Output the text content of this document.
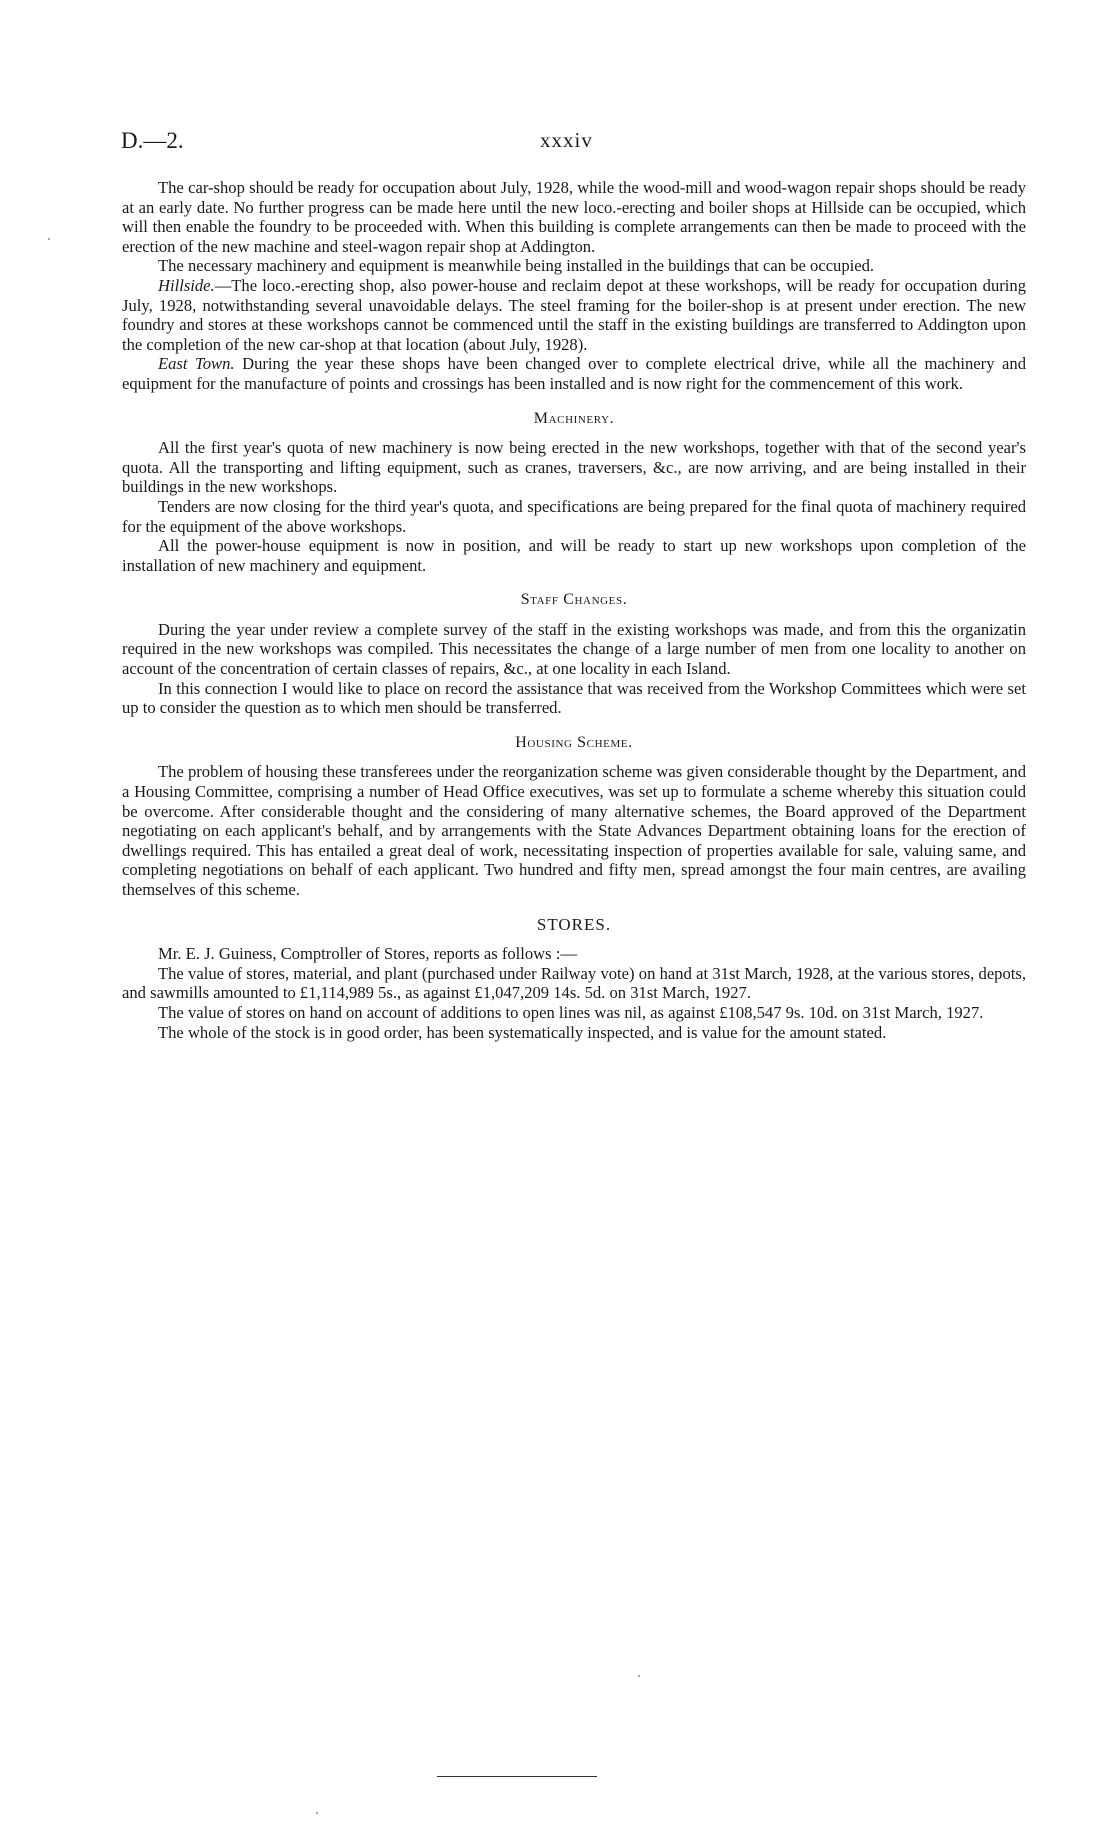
D.—2.	xxxiv

The car-shop should be ready for occupation about July, 1928, while the wood-mill and wood-wagon repair shops should be ready at an early date. No further progress can be made here until the new loco.-erecting and boiler shops at Hillside can be occupied, which will then enable the foundry to be proceeded with. When this building is complete arrangements can then be made to proceed with the erection of the new machine and steel-wagon repair shop at Addington.

The necessary machinery and equipment is meanwhile being installed in the buildings that can be occupied.

Hillside.—The loco.-erecting shop, also power-house and reclaim depot at these workshops, will be ready for occupation during July, 1928, notwithstanding several unavoidable delays. The steel framing for the boiler-shop is at present under erection. The new foundry and stores at these workshops cannot be commenced until the staff in the existing buildings are transferred to Addington upon the completion of the new car-shop at that location (about July, 1928).

East Town. During the year these shops have been changed over to complete electrical drive, while all the machinery and equipment for the manufacture of points and crossings has been installed and is now right for the commencement of this work.

Machinery.

All the first year's quota of new machinery is now being erected in the new workshops, together with that of the second year's quota. All the transporting and lifting equipment, such as cranes, traversers, &c., are now arriving, and are being installed in their buildings in the new workshops.

Tenders are now closing for the third year's quota, and specifications are being prepared for the final quota of machinery required for the equipment of the above workshops.

All the power-house equipment is now in position, and will be ready to start up new workshops upon completion of the installation of new machinery and equipment.

Staff Changes.

During the year under review a complete survey of the staff in the existing workshops was made, and from this the organizatin required in the new workshops was compiled. This necessitates the change of a large number of men from one locality to another on account of the concentration of certain classes of repairs, &c., at one locality in each Island.

In this connection I would like to place on record the assistance that was received from the Workshop Committees which were set up to consider the question as to which men should be transferred.

Housing Scheme.

The problem of housing these transferees under the reorganization scheme was given considerable thought by the Department, and a Housing Committee, comprising a number of Head Office executives, was set up to formulate a scheme whereby this situation could be overcome. After considerable thought and the considering of many alternative schemes, the Board approved of the Department negotiating on each applicant's behalf, and by arrangements with the State Advances Department obtaining loans for the erection of dwellings required. This has entailed a great deal of work, necessitating inspection of properties available for sale, valuing same, and completing negotiations on behalf of each applicant. Two hundred and fifty men, spread amongst the four main centres, are availing themselves of this scheme.

STORES.

Mr. E. J. Guiness, Comptroller of Stores, reports as follows :—

The value of stores, material, and plant (purchased under Railway vote) on hand at 31st March, 1928, at the various stores, depots, and sawmills amounted to £1,114,989 5s., as against £1,047,209 14s. 5d. on 31st March, 1927.

The value of stores on hand on account of additions to open lines was nil, as against £108,547 9s. 10d. on 31st March, 1927.

The whole of the stock is in good order, has been systematically inspected, and is value for the amount stated.
